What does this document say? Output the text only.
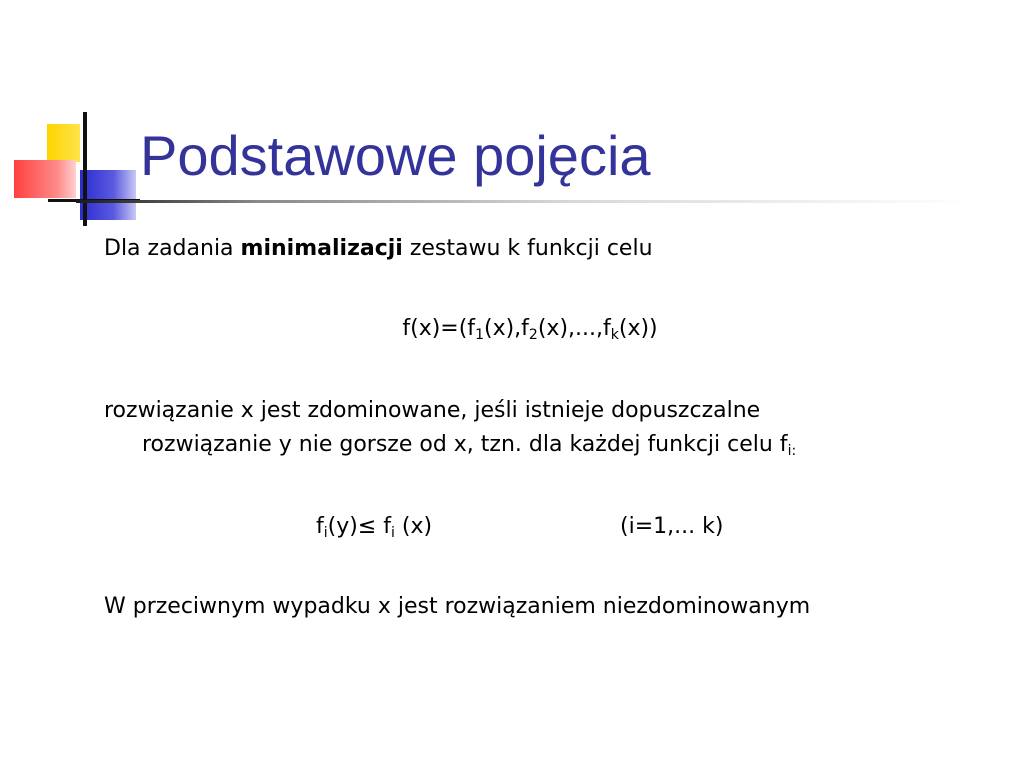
Podstawowe pojęcia

Dla zadania minimalizacji zestawu k funkcji celu

$f(x)=(f_1(x),f_2(x),...,f_k(x))$

rozwiązanie x jest zdominowane, jeśli istnieje dopuszczalne
rozwiązanie y nie gorsze od x, tzn. dla każdej funkcji celu $f_{i:}$

$f_i(y)\le f_i$ (x)	(i=1,... k)

W przeciwnym wypadku x jest rozwiązaniem niezdominowanym
